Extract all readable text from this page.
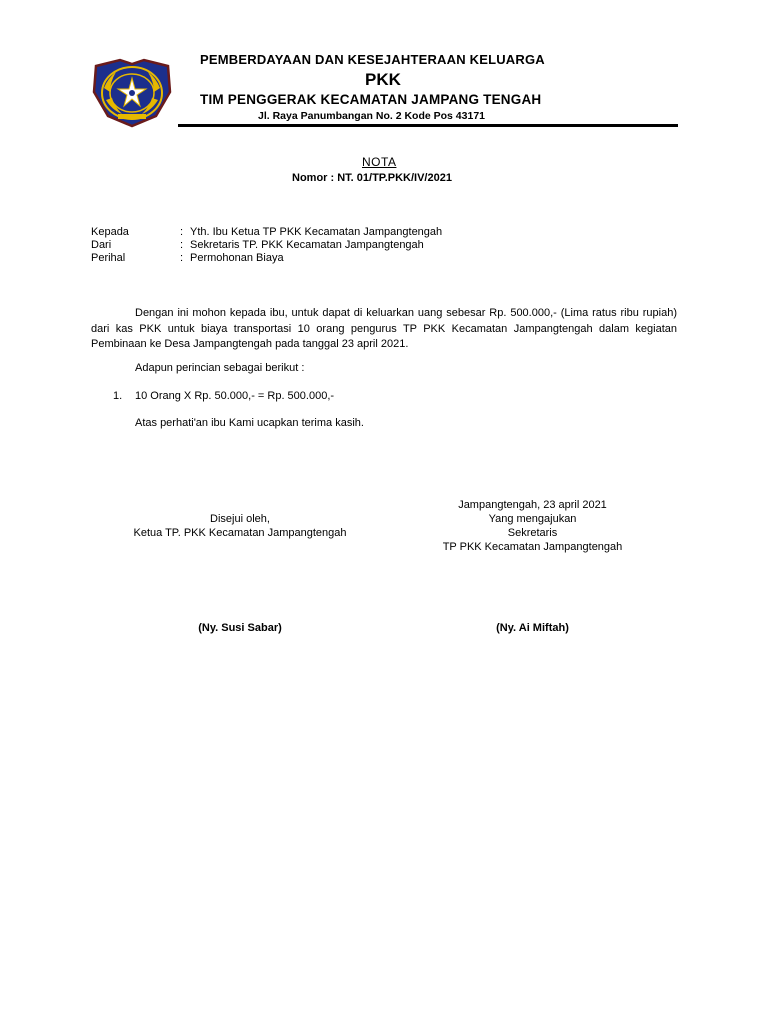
PEMBERDAYAAN DAN KESEJAHTERAAN KELUARGA
PKK
TIM PENGGERAK KECAMATAN JAMPANG TENGAH
Jl. Raya Panumbangan No. 2 Kode Pos 43171
NOTA
Nomor : NT. 01/TP.PKK/IV/2021
Kepada	: Yth. Ibu Ketua TP PKK Kecamatan Jampangtengah
Dari	: Sekretaris TP. PKK Kecamatan Jampangtengah
Perihal	: Permohonan Biaya
Dengan ini mohon kepada ibu, untuk dapat di keluarkan uang sebesar Rp. 500.000,- (Lima ratus ribu rupiah) dari kas PKK untuk biaya transportasi 10 orang pengurus TP PKK Kecamatan Jampangtengah dalam kegiatan Pembinaan ke Desa Jampangtengah pada tanggal 23 april 2021.
Adapun perincian sebagai berikut :
1. 10 Orang X Rp. 50.000,- = Rp. 500.000,-
Atas perhati'an ibu Kami ucapkan terima kasih.
Disejui oleh,
Ketua TP. PKK Kecamatan Jampangtengah
(Ny. Susi Sabar)
Jampangtengah, 23 april 2021
Yang mengajukan
Sekretaris
TP PKK Kecamatan Jampangtengah
(Ny. Ai Miftah)
